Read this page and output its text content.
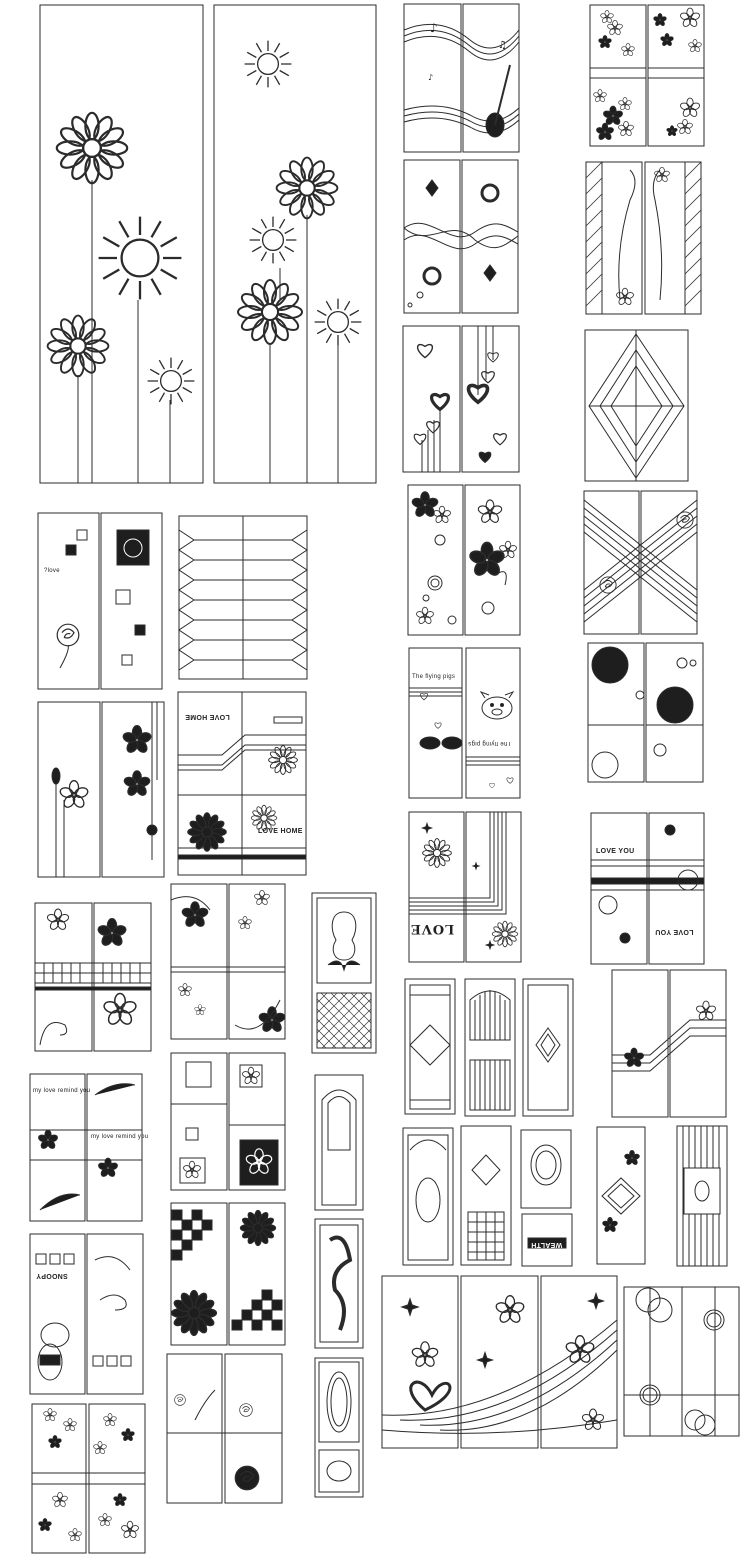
♪
♫
♪
?love
LOVE HOME
LOVE HOME
The flying pigs
The flying pigs
LOVE
LOVE YOU
LOVE YOU
SNOOPY
WEALTH
my love remind you
my love remind you
